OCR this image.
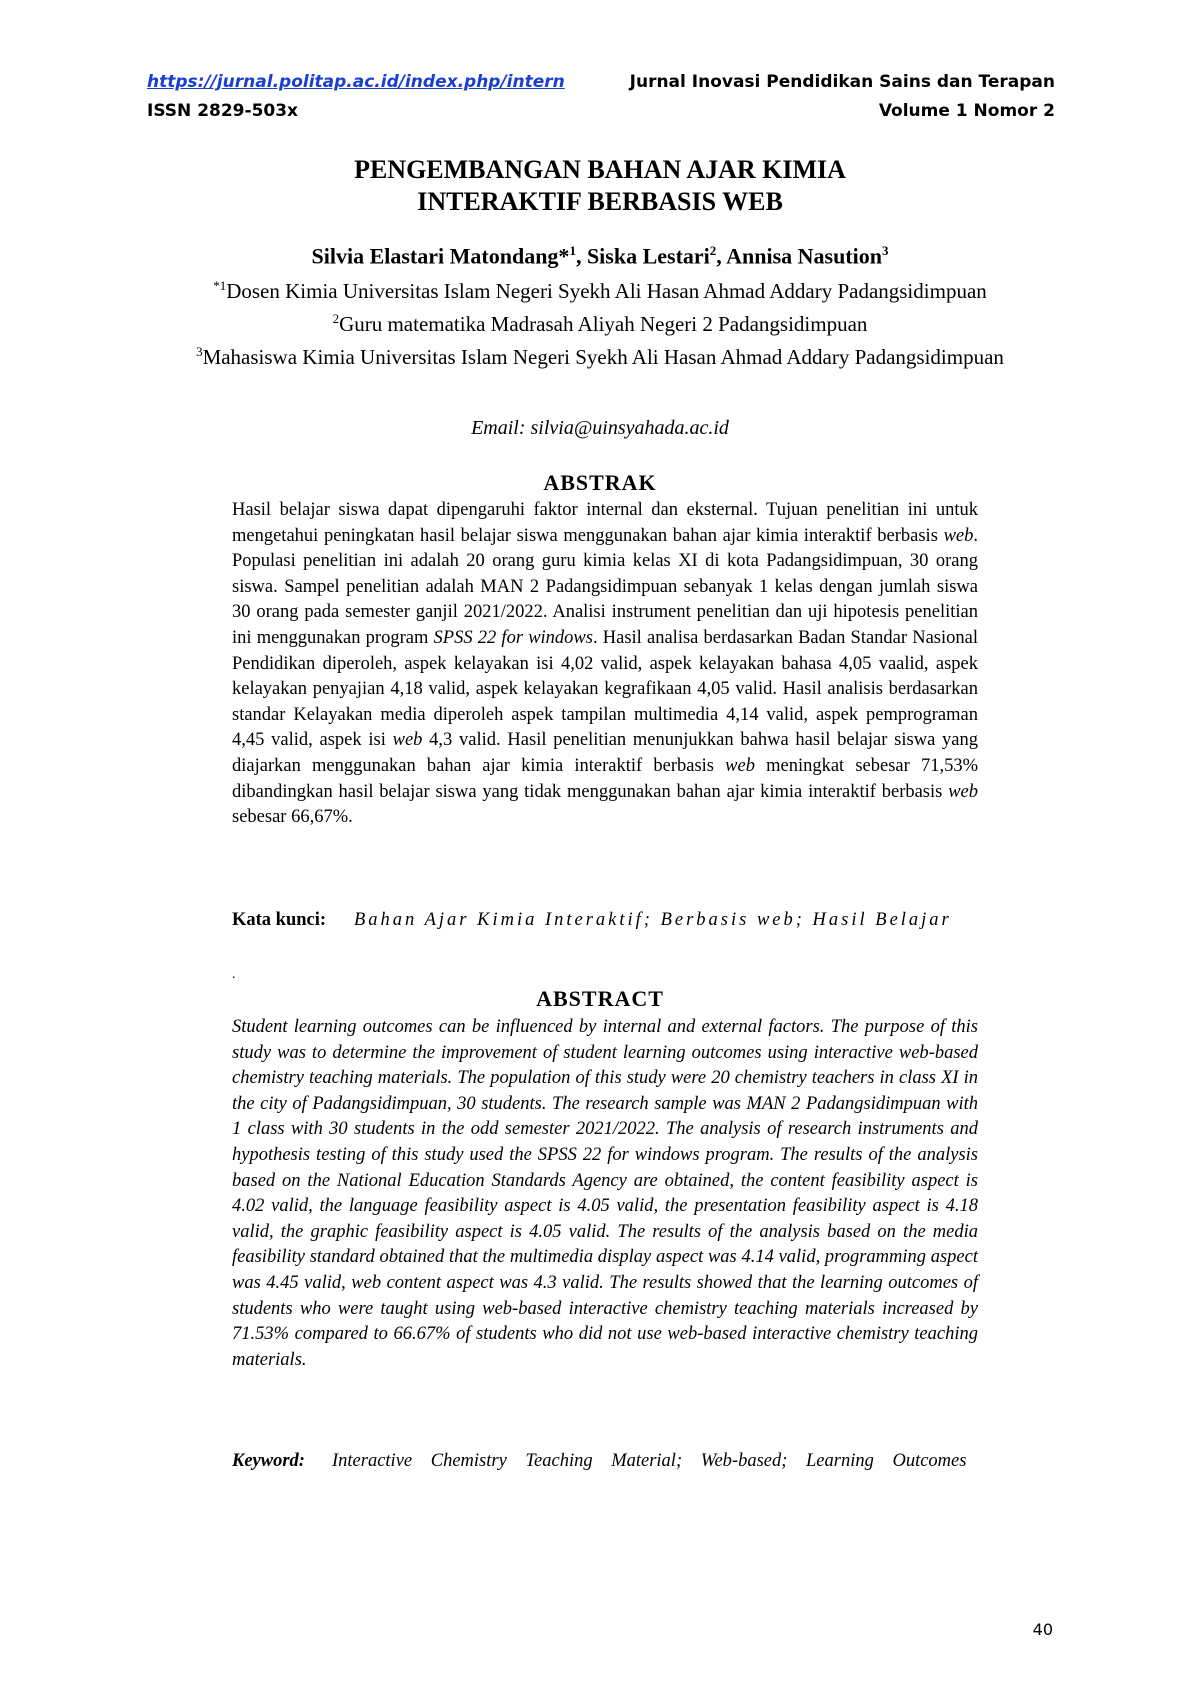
https://jurnal.politap.ac.id/index.php/intern	Jurnal Inovasi Pendidikan Sains dan Terapan
ISSN 2829-503x	Volume 1 Nomor 2
PENGEMBANGAN BAHAN AJAR KIMIA
INTERAKTIF BERBASIS WEB
Silvia Elastari Matondang*$^1$, Siska Lestari$^2$, Annisa Nasution$^3$
$^{*1}$Dosen Kimia Universitas Islam Negeri Syekh Ali Hasan Ahmad Addary Padangsidimpuan
$^2$Guru matematika Madrasah Aliyah Negeri 2 Padangsidimpuan
$^3$Mahasiswa Kimia Universitas Islam Negeri Syekh Ali Hasan Ahmad Addary Padangsidimpuan
Email: silvia@uinsyahada.ac.id
ABSTRAK
Hasil belajar siswa dapat dipengaruhi faktor internal dan eksternal. Tujuan penelitian ini untuk mengetahui peningkatan hasil belajar siswa menggunakan bahan ajar kimia interaktif berbasis web. Populasi penelitian ini adalah 20 orang guru kimia kelas XI di kota Padangsidimpuan, 30 orang siswa. Sampel penelitian adalah MAN 2 Padangsidimpuan sebanyak 1 kelas dengan jumlah siswa 30 orang pada semester ganjil 2021/2022. Analisi instrument penelitian dan uji hipotesis penelitian ini menggunakan program SPSS 22 for windows. Hasil analisa berdasarkan Badan Standar Nasional Pendidikan diperoleh, aspek kelayakan isi 4,02 valid, aspek kelayakan bahasa 4,05 vaalid, aspek kelayakan penyajian 4,18 valid, aspek kelayakan kegrafikaan 4,05 valid. Hasil analisis berdasarkan standar Kelayakan media diperoleh aspek tampilan multimedia 4,14 valid, aspek pemprograman 4,45 valid, aspek isi web 4,3 valid. Hasil penelitian menunjukkan bahwa hasil belajar siswa yang diajarkan menggunakan bahan ajar kimia interaktif berbasis web meningkat sebesar 71,53% dibandingkan hasil belajar siswa yang tidak menggunakan bahan ajar kimia interaktif berbasis web sebesar 66,67%.
Kata kunci: Bahan Ajar Kimia Interaktif; Berbasis web; Hasil Belajar
.
ABSTRACT
Student learning outcomes can be influenced by internal and external factors. The purpose of this study was to determine the improvement of student learning outcomes using interactive web-based chemistry teaching materials. The population of this study were 20 chemistry teachers in class XI in the city of Padangsidimpuan, 30 students. The research sample was MAN 2 Padangsidimpuan with 1 class with 30 students in the odd semester 2021/2022. The analysis of research instruments and hypothesis testing of this study used the SPSS 22 for windows program. The results of the analysis based on the National Education Standards Agency are obtained, the content feasibility aspect is 4.02 valid, the language feasibility aspect is 4.05 valid, the presentation feasibility aspect is 4.18 valid, the graphic feasibility aspect is 4.05 valid. The results of the analysis based on the media feasibility standard obtained that the multimedia display aspect was 4.14 valid, programming aspect was 4.45 valid, web content aspect was 4.3 valid. The results showed that the learning outcomes of students who were taught using web-based interactive chemistry teaching materials increased by 71.53% compared to 66.67% of students who did not use web-based interactive chemistry teaching materials.
Keyword: Interactive Chemistry Teaching Material; Web-based; Learning Outcomes
40
